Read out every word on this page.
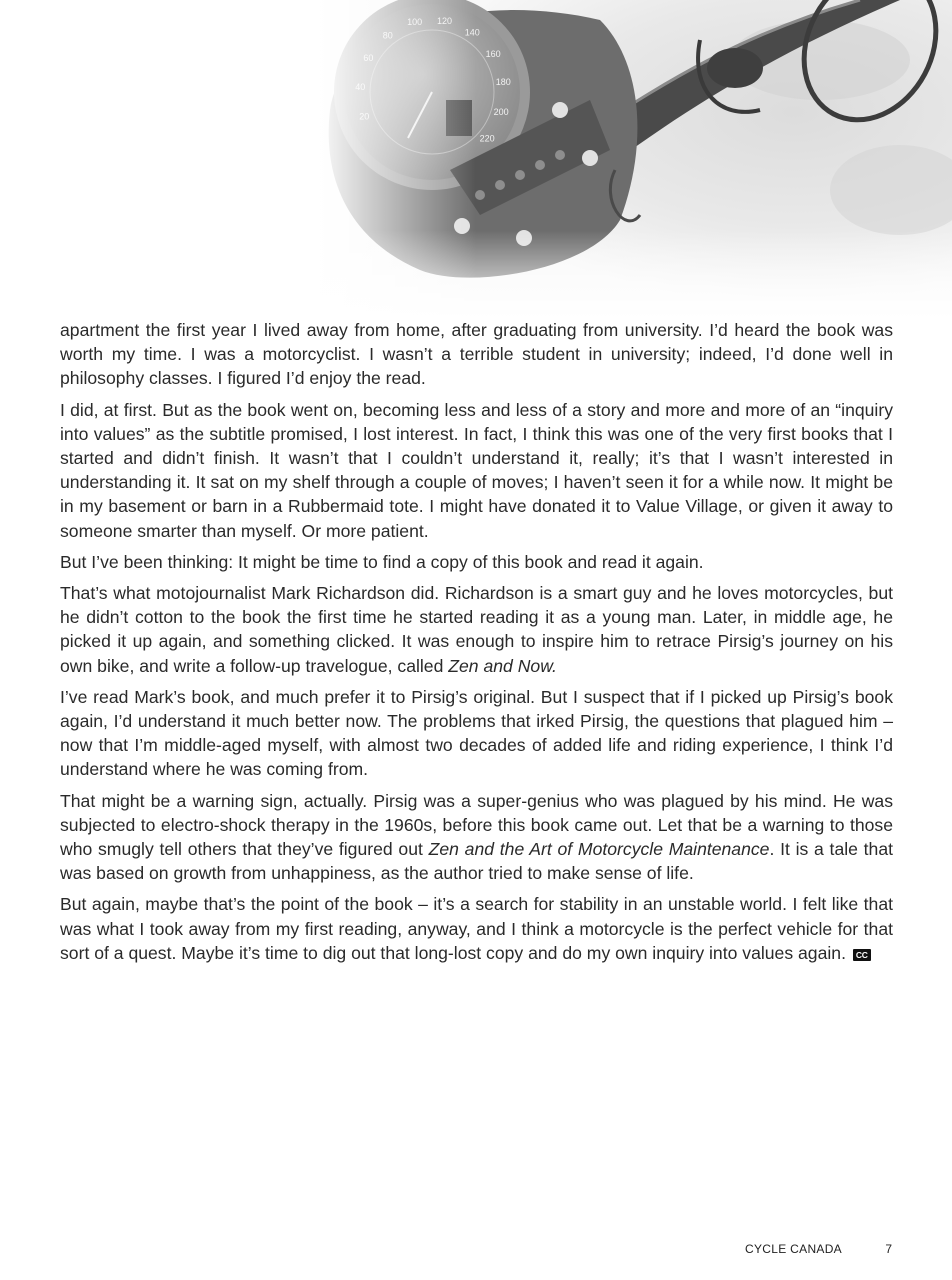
apartment the first year I lived away from home, after graduating from university. I’d heard the book was worth my time. I was a motorcyclist. I wasn’t a terrible student in university; indeed, I’d done well in philosophy classes. I figured I’d enjoy the read.

I did, at first. But as the book went on, becoming less and less of a story and more and more of an “inquiry into values” as the subtitle promised, I lost interest. In fact, I think this was one of the very first books that I started and didn’t finish. It wasn’t that I couldn’t understand it, really; it’s that I wasn’t interested in understanding it. It sat on my shelf through a couple of moves; I haven’t seen it for a while now. It might be in my basement or barn in a Rubbermaid tote. I might have donated it to Value Village, or given it away to someone smarter than myself. Or more patient.

But I’ve been thinking: It might be time to find a copy of this book and read it again.

That’s what motojournalist Mark Richardson did. Richardson is a smart guy and he loves motorcycles, but he didn’t cotton to the book the first time he started reading it as a young man. Later, in middle age, he picked it up again, and something clicked. It was enough to inspire him to retrace Pirsig’s journey on his own bike, and write a follow-up travelogue, called Zen and Now.

I’ve read Mark’s book, and much prefer it to Pirsig’s original. But I suspect that if I picked up Pirsig’s book again, I’d understand it much better now. The problems that irked Pirsig, the questions that plagued him – now that I’m middle-aged myself, with almost two decades of added life and riding experience, I think I’d understand where he was coming from.

That might be a warning sign, actually. Pirsig was a super-genius who was plagued by his mind. He was subjected to electro-shock therapy in the 1960s, before this book came out. Let that be a warning to those who smugly tell others that they’ve figured out Zen and the Art of Motorcycle Maintenance. It is a tale that was based on growth from unhappiness, as the author tried to make sense of life.

But again, maybe that’s the point of the book – it’s a search for stability in an unstable world. I felt like that was what I took away from my first reading, anyway, and I think a motorcycle is the perfect vehicle for that sort of a quest. Maybe it’s time to dig out that long-lost copy and do my own inquiry into values again. CC

CYCLE CANADA	7
